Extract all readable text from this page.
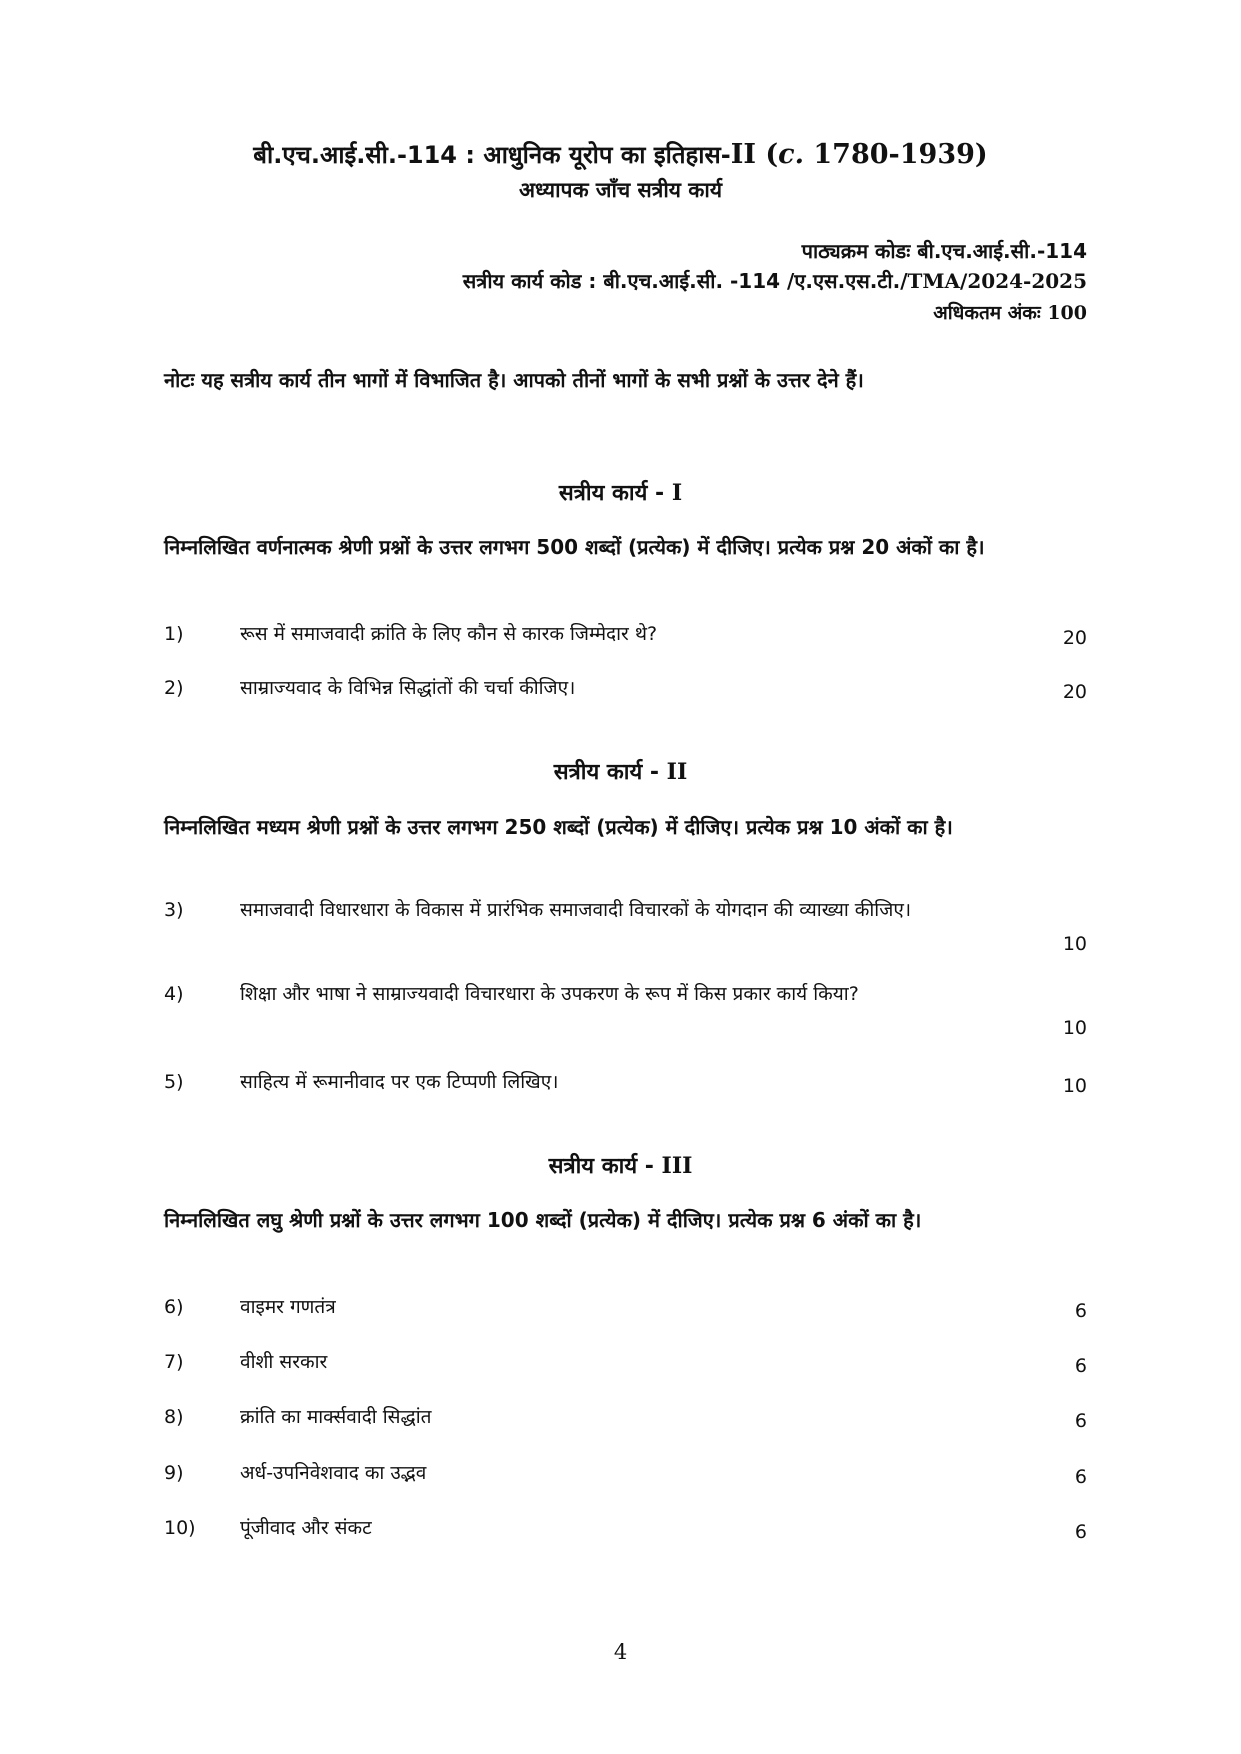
बी.एच.आई.सी.-114 : आधुनिक यूरोप का इतिहास-II (c. 1780-1939)
अध्यापक जाँच सत्रीय कार्य
पाठ्यक्रम कोडः बी.एच.आई.सी.-114
सत्रीय कार्य कोड : बी.एच.आई.सी. -114 /ए.एस.एस.टी./TMA/2024-2025
अधिकतम अंकः 100
नोटः यह सत्रीय कार्य तीन भागों में विभाजित है। आपको तीनों भागों के सभी प्रश्नों के उत्तर देने हैं।
सत्रीय कार्य - I
निम्नलिखित वर्णनात्मक श्रेणी प्रश्नों के उत्तर लगभग 500 शब्दों (प्रत्येक) में दीजिए। प्रत्येक प्रश्न 20 अंकों का है।
1)	रूस में समाजवादी क्रांति के लिए कौन से कारक जिम्मेदार थे?	20
2)	साम्राज्यवाद के विभिन्न सिद्धांतों की चर्चा कीजिए।	20
सत्रीय कार्य - II
निम्नलिखित मध्यम श्रेणी प्रश्नों के उत्तर लगभग 250 शब्दों (प्रत्येक) में दीजिए। प्रत्येक प्रश्न 10 अंकों का है।
3)	समाजवादी विधारधारा के विकास में प्रारंभिक समाजवादी विचारकों के योगदान की व्याख्या कीजिए।
10
4)	शिक्षा और भाषा ने साम्राज्यवादी विचारधारा के उपकरण के रूप में किस प्रकार कार्य किया?
10
5)	साहित्य में रूमानीवाद पर एक टिप्पणी लिखिए।	10
सत्रीय कार्य - III
निम्नलिखित लघु श्रेणी प्रश्नों के उत्तर लगभग 100 शब्दों (प्रत्येक) में दीजिए। प्रत्येक प्रश्न 6 अंकों का है।
6)	वाइमर गणतंत्र	6
7)	वीशी सरकार	6
8)	क्रांति का मार्क्सवादी सिद्धांत	6
9)	अर्ध-उपनिवेशवाद का उद्भव	6
10) पूंजीवाद और संकट	6
4
